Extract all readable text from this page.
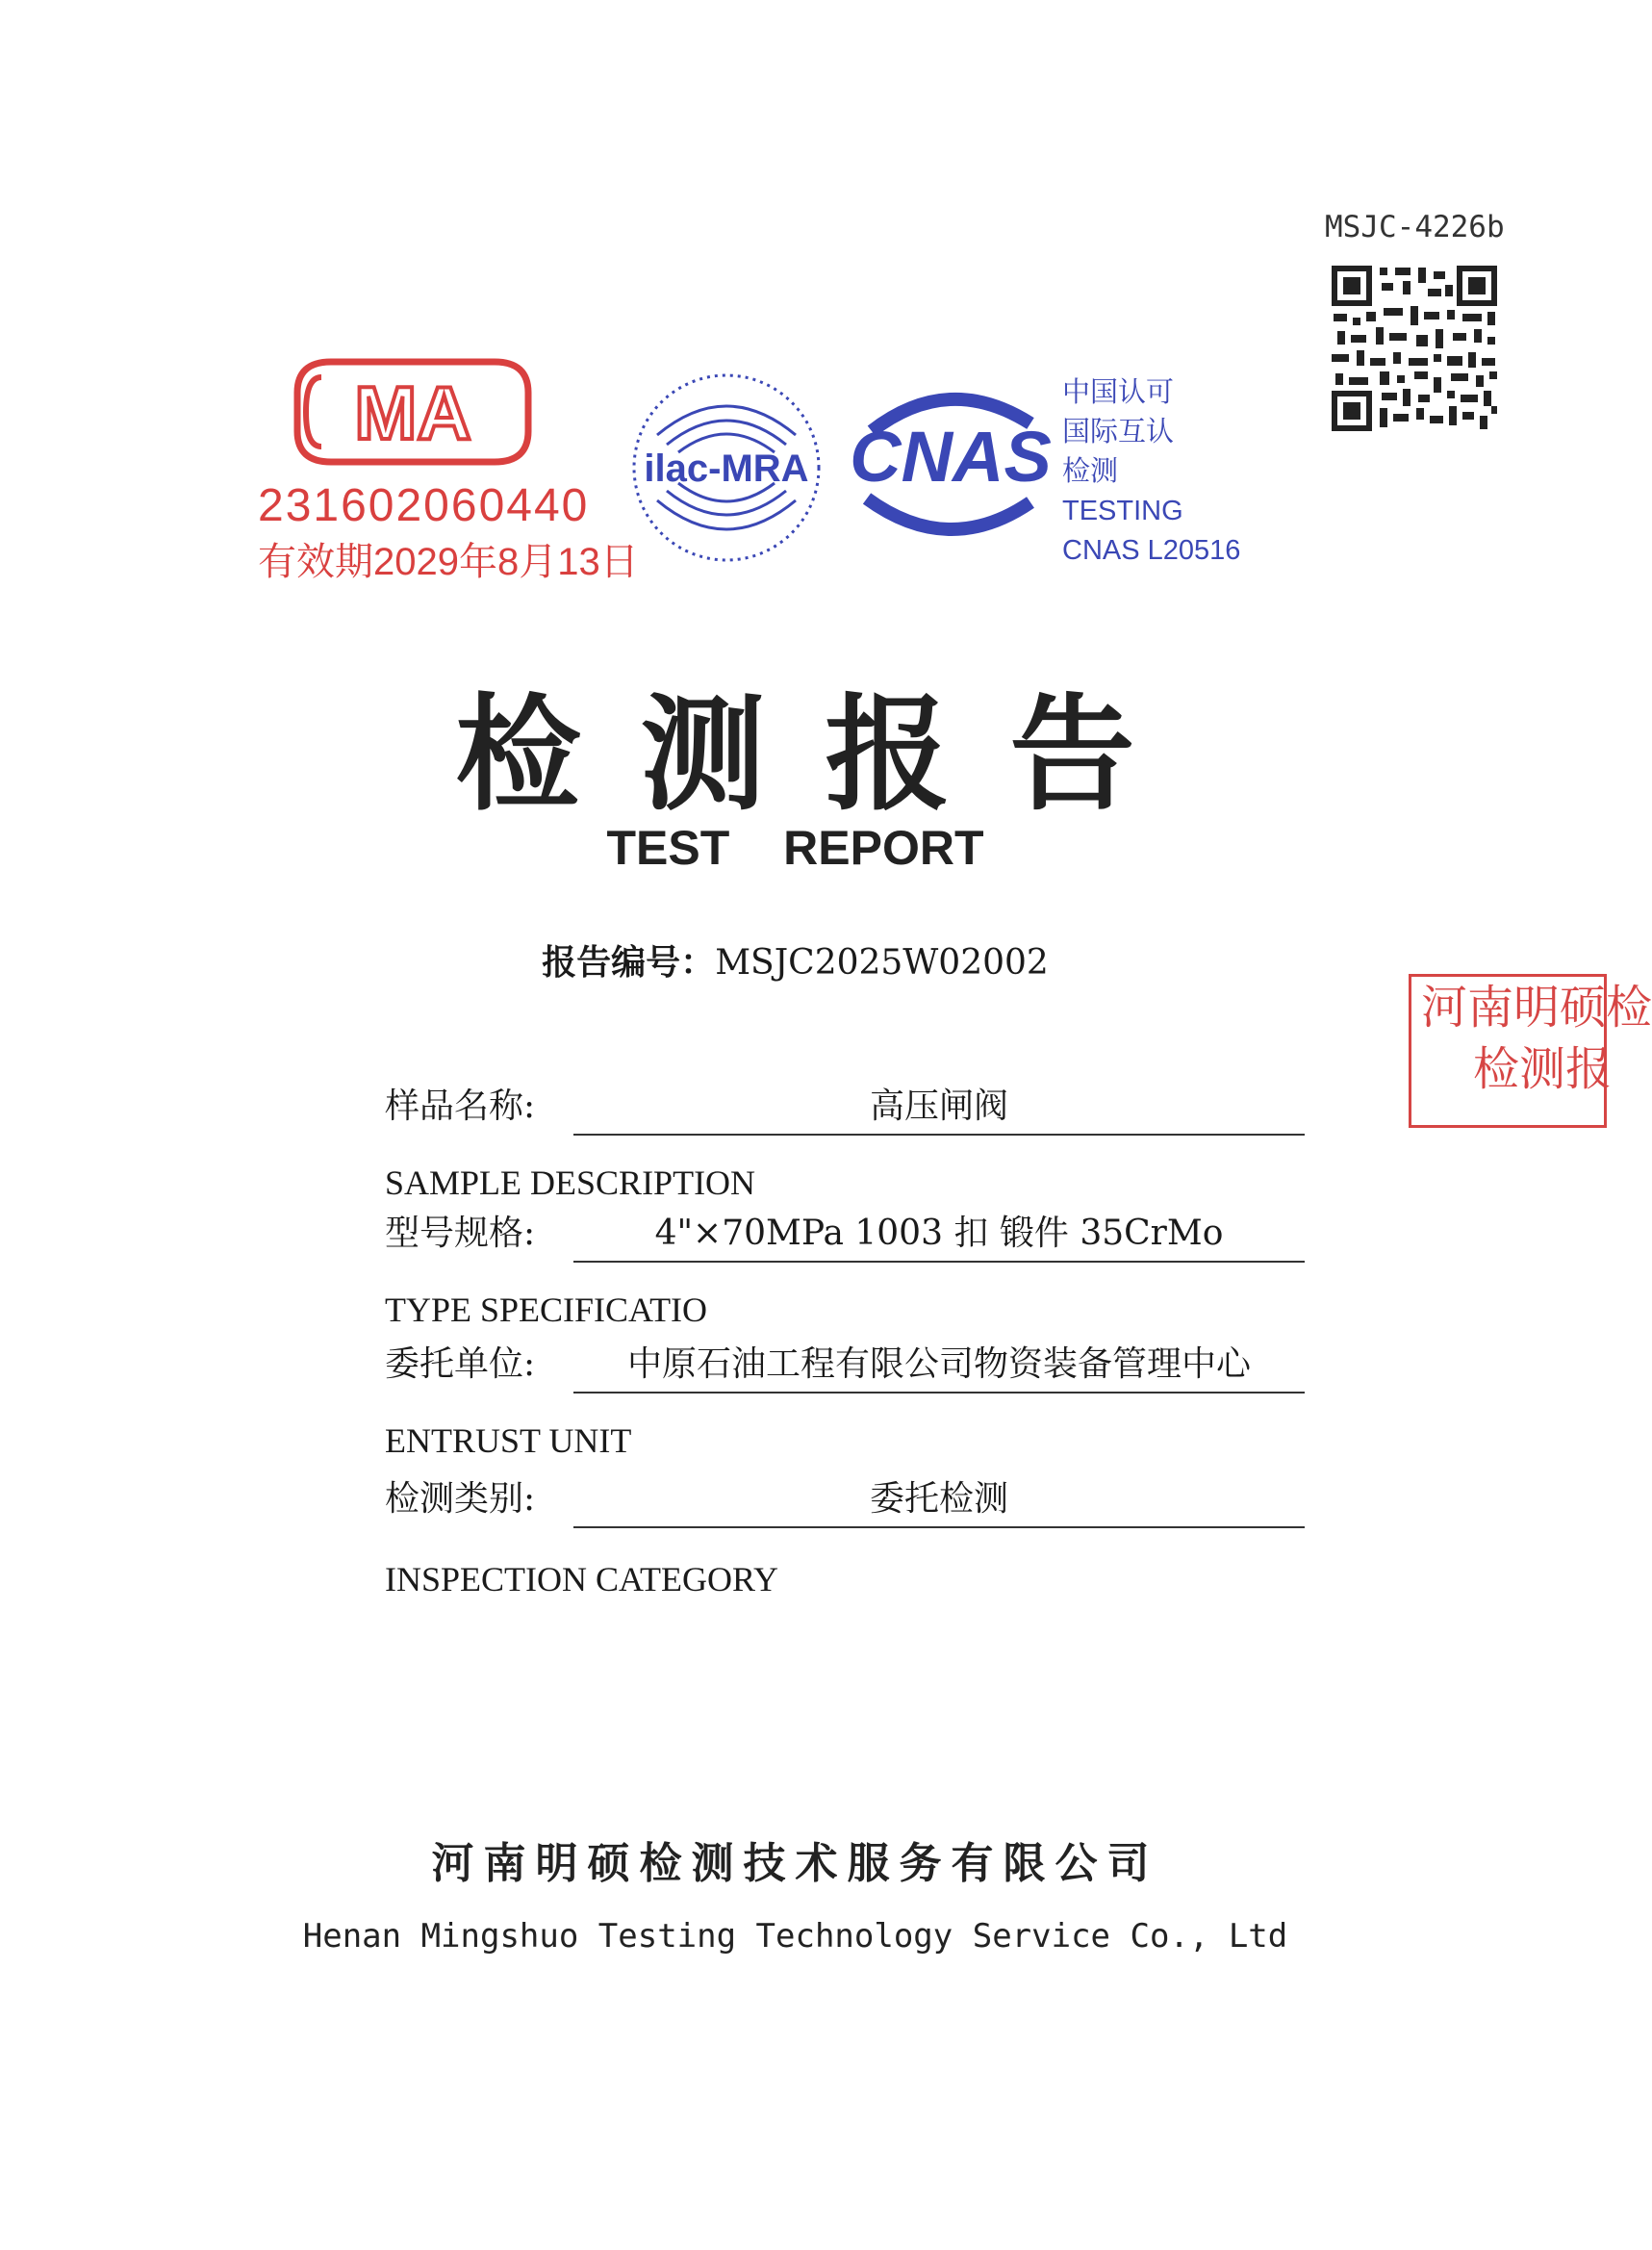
MSJC-4226b
MA
231602060440
有效期2029年8月13日
ilac-MRA CNAS
中国认可
国际互认
检测
TESTING
CNAS L20516
检测报告
TEST REPORT
报告编号：MSJC2025W02002
河南明硕检
检测报
样品名称:	高压闸阀
SAMPLE DESCRIPTION
型号规格:	4"×70MPa 1003 扣 锻件 35CrMo
TYPE SPECIFICATIO
委托单位:	中原石油工程有限公司物资装备管理中心
ENTRUST UNIT
检测类别:	委托检测
INSPECTION CATEGORY
河南明硕检测技术服务有限公司
Henan Mingshuo Testing Technology Service Co., Ltd
